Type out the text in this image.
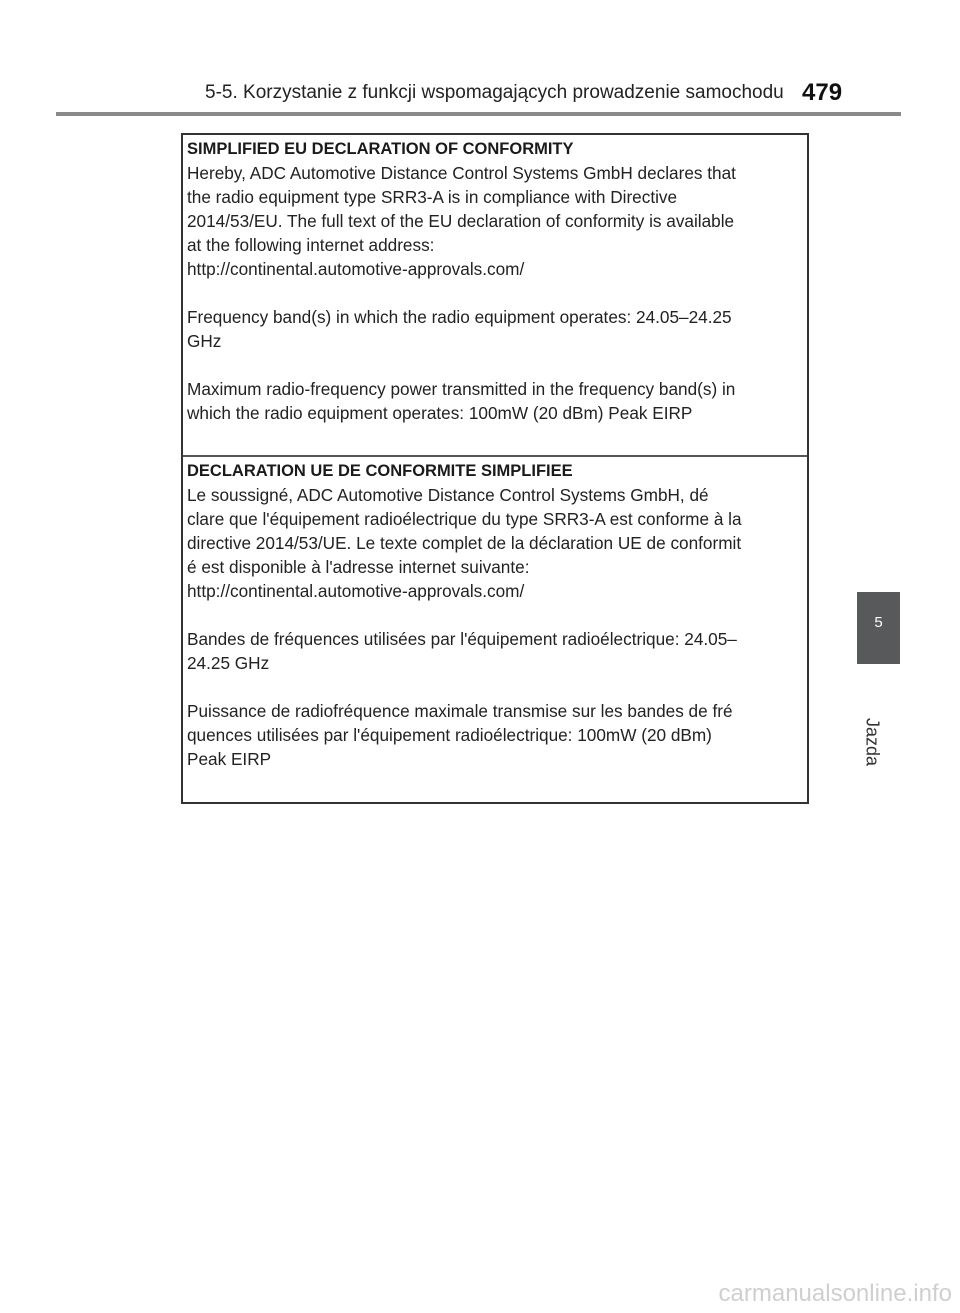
5-5. Korzystanie z funkcji wspomagających prowadzenie samochodu 479
SIMPLIFIED EU DECLARATION OF CONFORMITY
Hereby, ADC Automotive Distance Control Systems GmbH declares that
the radio equipment type SRR3-A is in compliance with Directive
2014/53/EU. The full text of the EU declaration of conformity is available
at the following internet address:
http://continental.automotive-approvals.com/
Frequency band(s) in which the radio equipment operates: 24.05–24.25
GHz
Maximum radio-frequency power transmitted in the frequency band(s) in
which the radio equipment operates: 100mW (20 dBm) Peak EIRP
DECLARATION UE DE CONFORMITE SIMPLIFIEE
Le soussigné, ADC Automotive Distance Control Systems GmbH, dé
clare que l'équipement radioélectrique du type SRR3-A est conforme à la
directive 2014/53/UE. Le texte complet de la déclaration UE de conformit
é est disponible à l'adresse internet suivante:
http://continental.automotive-approvals.com/
Bandes de fréquences utilisées par l'équipement radioélectrique: 24.05–
24.25 GHz
Puissance de radiofréquence maximale transmise sur les bandes de fré
quences utilisées par l'équipement radioélectrique: 100mW (20 dBm)
Peak EIRP
5
Jazda
carmanualsonline.info
